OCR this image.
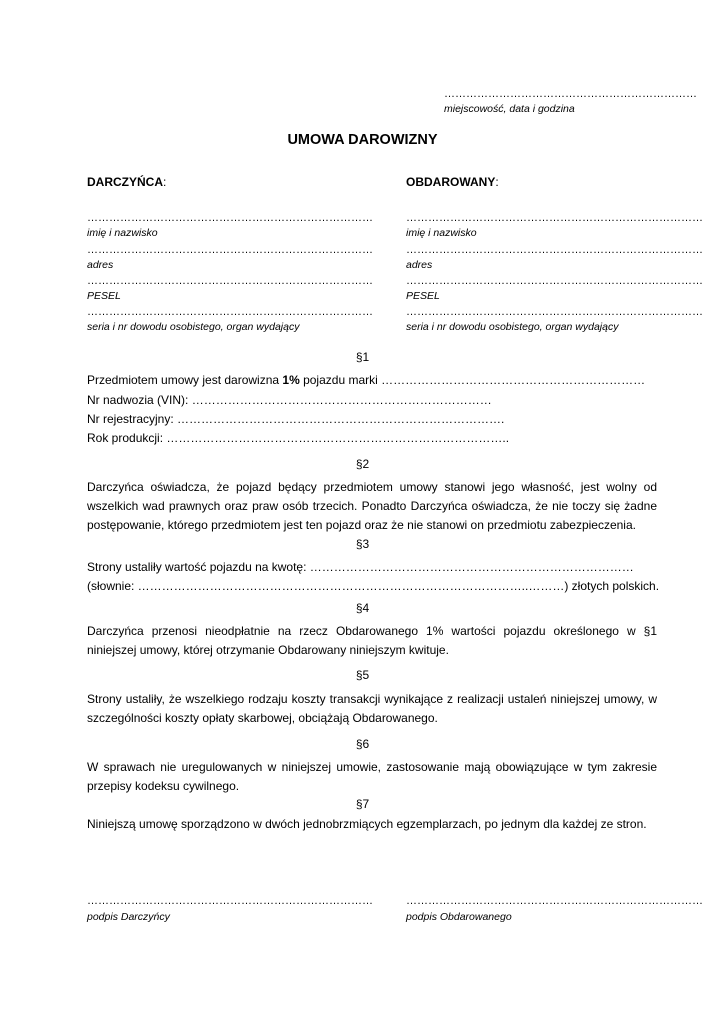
……………………………………………………………
miejscowość, data i godzina
UMOWA DAROWIZNY
DARCZYŃCA:	OBDAROWANY:
……………………………………………………………………
imię i nazwisko
……………………………………………………………………
adres
……………………………………………………………………
PESEL
……………………………………………………………………
seria i nr dowodu osobistego, organ wydający
………………………………………………………………………
imię i nazwisko
………………………………………………………………………
adres
………………………………………………………………………
PESEL
………………………………………………………………………
seria i nr dowodu osobistego, organ wydający
§1
Przedmiotem umowy jest darowizna 1% pojazdu marki …………………………………………………………
Nr nadwozia (VIN): …………………………………………………………………
Nr rejestracyjny: ……………………………………………………………………….
Rok produkcji: …………………………………………………………………………..
§2
Darczyńca oświadcza, że pojazd będący przedmiotem umowy stanowi jego własność, jest wolny od wszelkich wad prawnych oraz praw osób trzecich. Ponadto Darczyńca oświadcza, że nie toczy się żadne postępowanie, którego przedmiotem jest ten pojazd oraz że nie stanowi on przedmiotu zabezpieczenia.
§3
Strony ustaliły wartość pojazdu na kwotę: ………………………………………………………………………
(słownie: ……………………………………………………………………………………..………) złotych polskich.
§4
Darczyńca przenosi nieodpłatnie na rzecz Obdarowanego 1% wartości pojazdu określonego w §1 niniejszej umowy, której otrzymanie Obdarowany niniejszym kwituje.
§5
Strony ustaliły, że wszelkiego rodzaju koszty transakcji wynikające z realizacji ustaleń niniejszej umowy, w szczególności koszty opłaty skarbowej, obciążają Obdarowanego.
§6
W sprawach nie uregulowanych w niniejszej umowie, zastosowanie mają obowiązujące w tym zakresie przepisy kodeksu cywilnego.
§7
Niniejszą umowę sporządzono w dwóch jednobrzmiących egzemplarzach, po jednym dla każdej ze stron.
……………………………………………………………………
podpis Darczyńcy
………………………………………………………………………
podpis Obdarowanego
